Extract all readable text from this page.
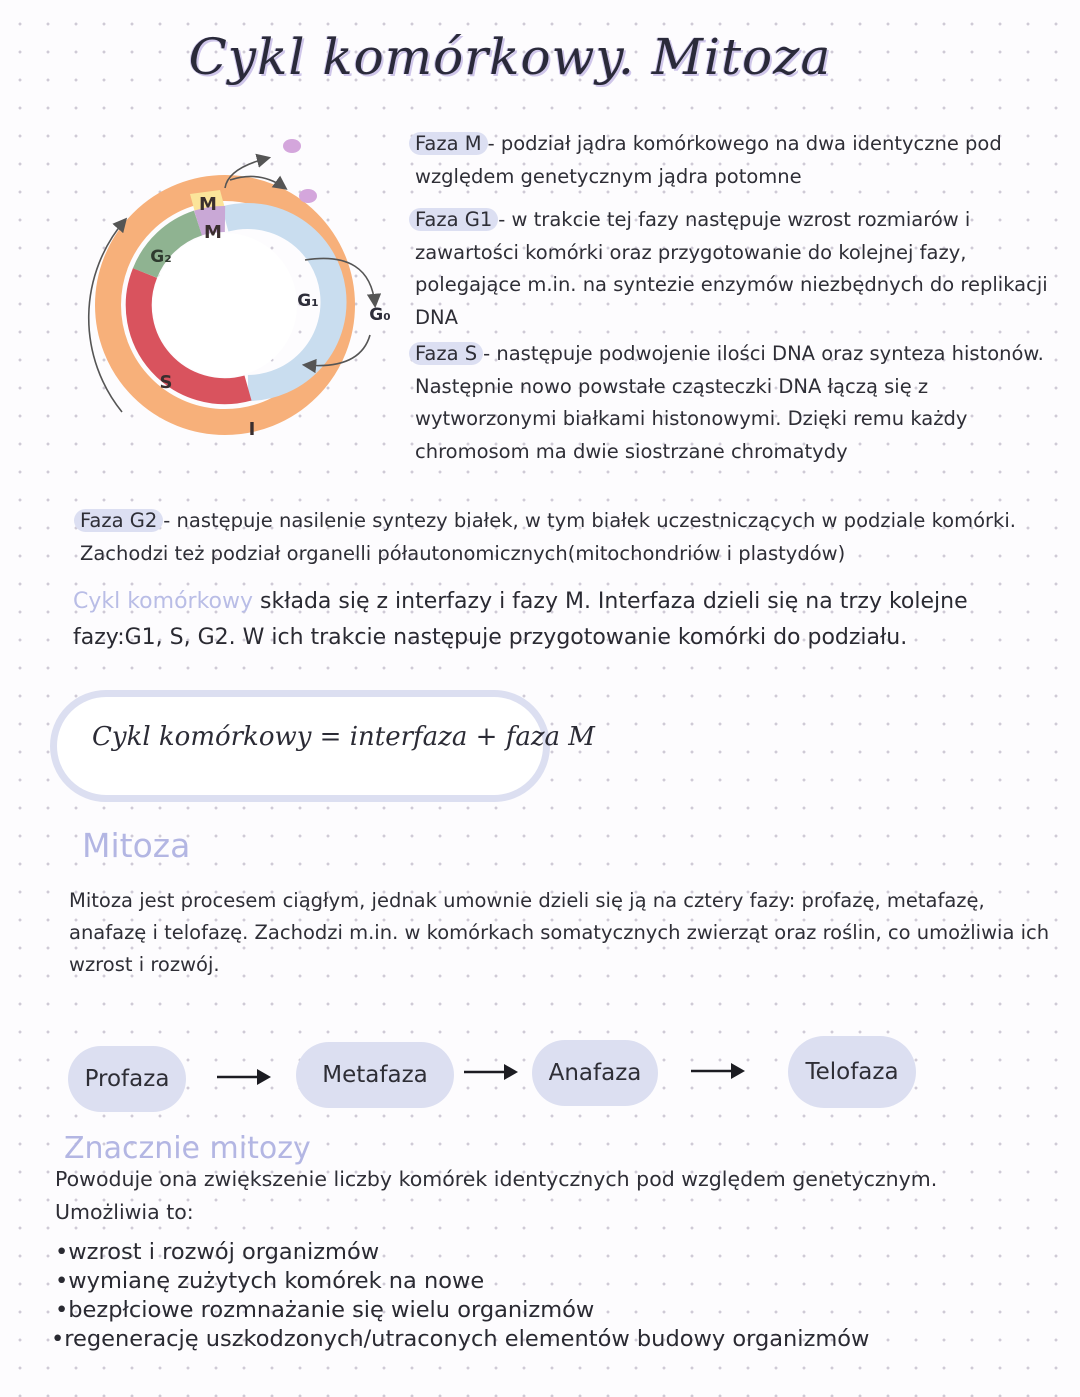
Cykl komórkowy. Mitoza
M
M
G₂
G₁
G₀
S
I
Faza M - podział jądra komórkowego na dwa identyczne pod względem genetycznym jądra potomne
Faza G1 - w trakcie tej fazy następuje wzrost rozmiarów i zawartości komórki oraz przygotowanie do kolejnej fazy, polegające m.in. na syntezie enzymów niezbędnych do replikacji DNA
Faza S - następuje podwojenie ilości DNA oraz synteza histonów. Następnie nowo powstałe cząsteczki DNA łączą się z wytworzonymi białkami histonowymi. Dzięki remu każdy chromosom ma dwie siostrzane chromatydy
Faza G2 - następuje nasilenie syntezy białek, w tym białek uczestniczących w podziale komórki. Zachodzi też podział organelli półautonomicznych(mitochondriów i plastydów)
Cykl komórkowy składa się z interfazy i fazy M. Interfaza dzieli się na trzy kolejne fazy:G1, S, G2. W ich trakcie następuje przygotowanie komórki do podziału.
Cykl komórkowy = interfaza + faza M
Mitoza
Mitoza jest procesem ciągłym, jednak umownie dzieli się ją na cztery fazy: profazę, metafazę, anafazę i telofazę. Zachodzi m.in. w komórkach somatycznych zwierząt oraz roślin, co umożliwia ich wzrost i rozwój.
Profaza	Metafaza	Anafaza	Telofaza
Znacznie mitozy
Powoduje ona zwiększenie liczby komórek identycznych pod względem genetycznym.
Umożliwia to:
•wzrost i rozwój organizmów
•wymianę zużytych komórek na nowe
•bezpłciowe rozmnażanie się wielu organizmów
•regenerację uszkodzonych/utraconych elementów budowy organizmów
